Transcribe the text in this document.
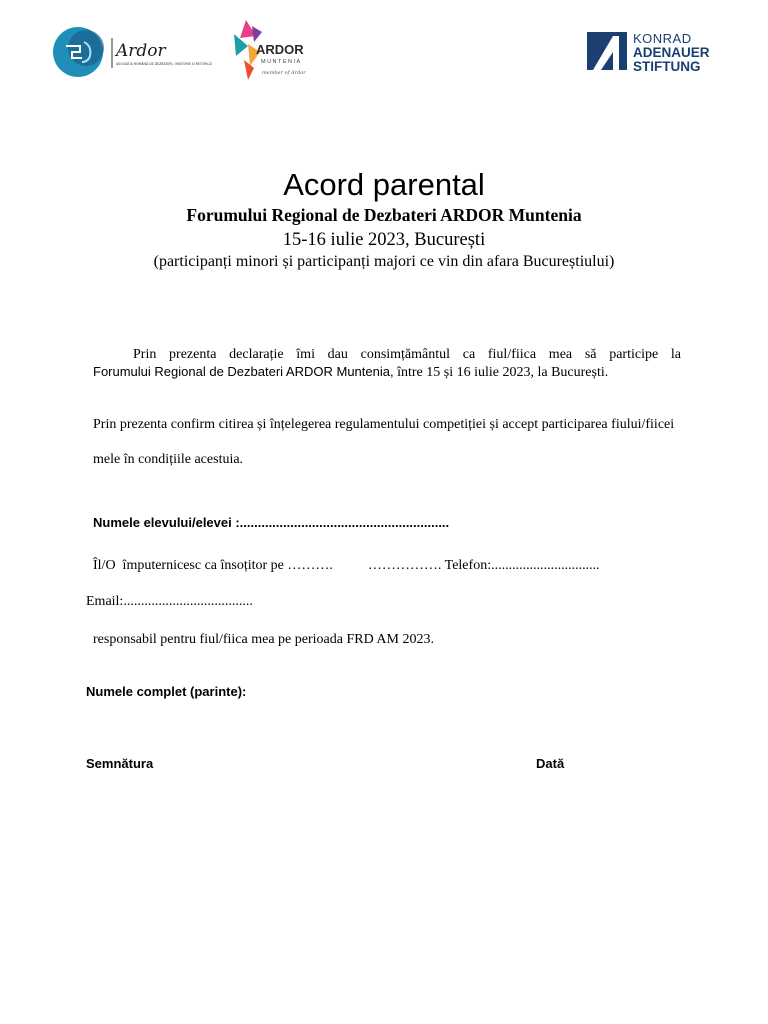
Ardor
ASOCIAȚIA ROMÂNĂ DE DEZBATERI, ORATORIE ȘI RETORICĂ
ARDOR
MUNTENIA
member of Ardor
KONRAD
ADENAUER
STIFTUNG
Acord parental
Forumului Regional de Dezbateri ARDOR Muntenia
15-16 iulie 2023, București
(participanți minori și participanți majori ce vin din afara Bucureștiului)
Prin prezenta declarație îmi dau consimțământul ca fiul/fiica mea să participe la
Forumului Regional de Dezbateri ARDOR Muntenia, între 15 și 16 iulie 2023, la București.
Prin prezenta confirm citirea și înțelegerea regulamentului competiției și accept participarea fiului/fiicei mele în condițiile acestuia.
Numele elevului/elevei :..........................................................
Îl/O  împuternicesc ca însoțitor pe ……….          ……………. Telefon:...............................
Email:.....................................
responsabil pentru fiul/fiica mea pe perioada FRD AM 2023.
Numele complet (parinte):
Semnătura	Dată
